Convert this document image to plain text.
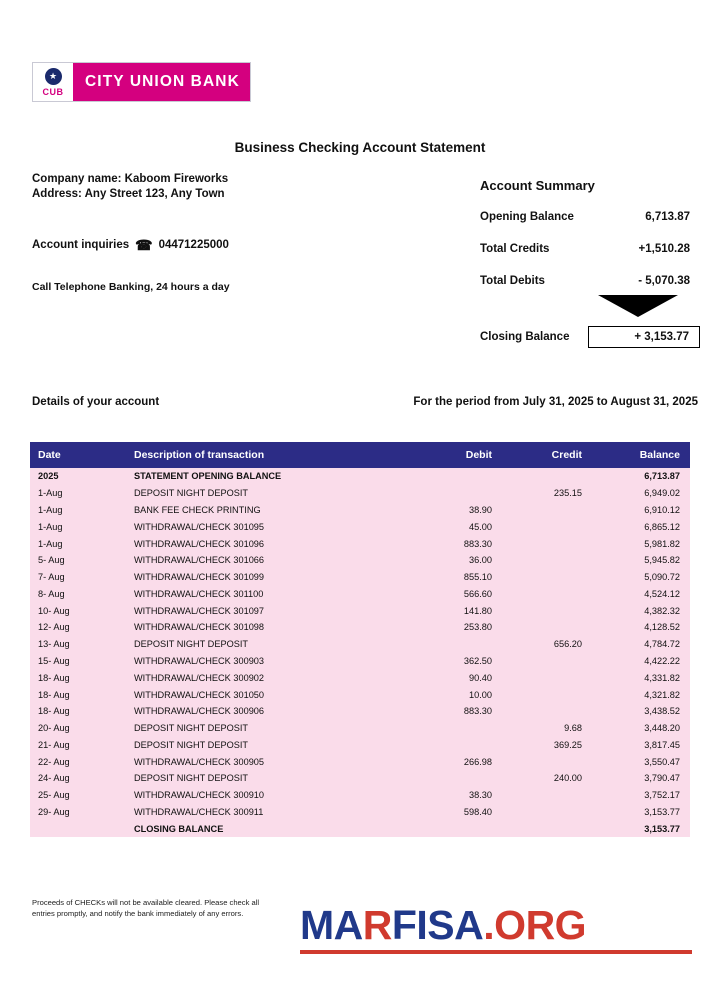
★
CUB
CITY UNION BANK
Business Checking Account Statement
Company name: Kaboom Fireworks
Address: Any Street 123, Any Town
Account inquiries ☎ 04471225000
Call Telephone Banking, 24 hours a day
Account Summary
Opening Balance	6,713.87
Total Credits	+1,510.28
Total Debits	- 5,070.38
Closing Balance	+ 3,153.77
Details of your account	For the period from July 31, 2025 to August 31, 2025
Date	Description of transaction	Debit	Credit	Balance
2025	STATEMENT OPENING BALANCE			6,713.87
1-Aug	DEPOSIT NIGHT DEPOSIT		235.15	6,949.02
1-Aug	BANK FEE CHECK PRINTING	38.90		6,910.12
1-Aug	WITHDRAWAL/CHECK 301095	45.00		6,865.12
1-Aug	WITHDRAWAL/CHECK 301096	883.30		5,981.82
5- Aug	WITHDRAWAL/CHECK 301066	36.00		5,945.82
7- Aug	WITHDRAWAL/CHECK 301099	855.10		5,090.72
8- Aug	WITHDRAWAL/CHECK 301100	566.60		4,524.12
10- Aug	WITHDRAWAL/CHECK 301097	141.80		4,382.32
12- Aug	WITHDRAWAL/CHECK 301098	253.80		4,128.52
13- Aug	DEPOSIT NIGHT DEPOSIT		656.20	4,784.72
15- Aug	WITHDRAWAL/CHECK 300903	362.50		4,422.22
18- Aug	WITHDRAWAL/CHECK 300902	90.40		4,331.82
18- Aug	WITHDRAWAL/CHECK 301050	10.00		4,321.82
18- Aug	WITHDRAWAL/CHECK 300906	883.30		3,438.52
20- Aug	DEPOSIT NIGHT DEPOSIT		9.68	3,448.20
21- Aug	DEPOSIT NIGHT DEPOSIT		369.25	3,817.45
22- Aug	WITHDRAWAL/CHECK 300905	266.98		3,550.47
24- Aug	DEPOSIT NIGHT DEPOSIT		240.00	3,790.47
25- Aug	WITHDRAWAL/CHECK 300910	38.30		3,752.17
29- Aug	WITHDRAWAL/CHECK 300911	598.40		3,153.77
	CLOSING BALANCE			3,153.77
Proceeds of CHECKs will not be available cleared. Please check all entries promptly, and notify the bank immediately of any errors.	MARFISA.ORG
